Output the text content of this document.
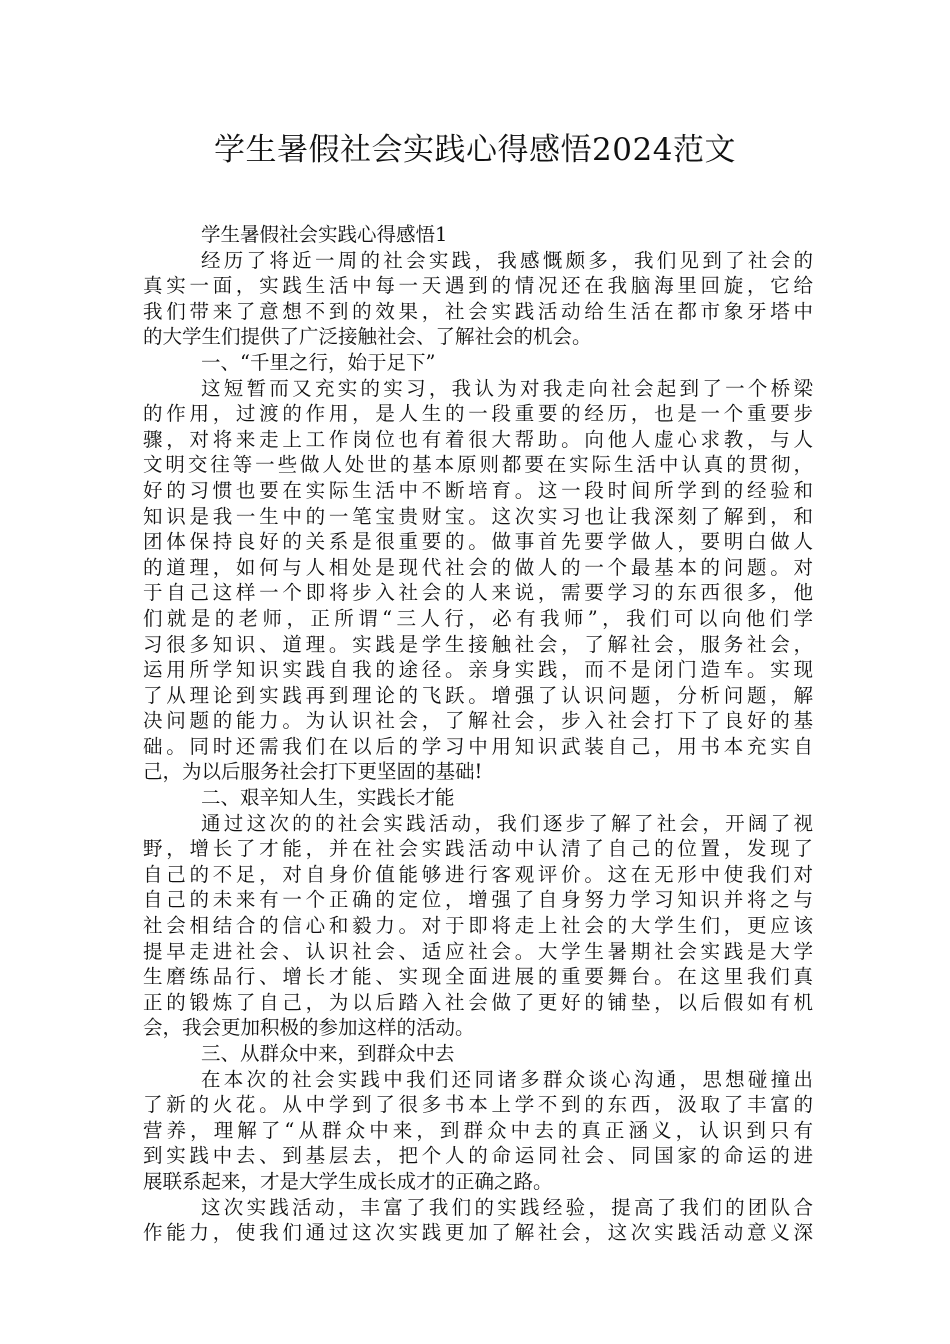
学生暑假社会实践心得感悟2024范文
学生暑假社会实践心得感悟1
经历了将近一周的社会实践，我感慨颇多，我们见到了社会的
真实一面，实践生活中每一天遇到的情况还在我脑海里回旋，它给
我们带来了意想不到的效果，社会实践活动给生活在都市象牙塔中
的大学生们提供了广泛接触社会、了解社会的机会。
一、“千里之行，始于足下”
这短暂而又充实的实习，我认为对我走向社会起到了一个桥梁
的作用，过渡的作用，是人生的一段重要的经历，也是一个重要步
骤，对将来走上工作岗位也有着很大帮助。向他人虚心求教，与人
文明交往等一些做人处世的基本原则都要在实际生活中认真的贯彻，
好的习惯也要在实际生活中不断培育。这一段时间所学到的经验和
知识是我一生中的一笔宝贵财宝。这次实习也让我深刻了解到，和
团体保持良好的关系是很重要的。做事首先要学做人，要明白做人
的道理，如何与人相处是现代社会的做人的一个最基本的问题。对
于自己这样一个即将步入社会的人来说，需要学习的东西很多，他
们就是的老师，正所谓“三人行，必有我师”，我们可以向他们学
习很多知识、道理。实践是学生接触社会，了解社会，服务社会，
运用所学知识实践自我的途径。亲身实践，而不是闭门造车。实现
了从理论到实践再到理论的飞跃。增强了认识问题，分析问题，解
决问题的能力。为认识社会，了解社会，步入社会打下了良好的基
础。同时还需我们在以后的学习中用知识武装自己，用书本充实自
己，为以后服务社会打下更坚固的基础!
二、艰辛知人生，实践长才能
通过这次的的社会实践活动，我们逐步了解了社会，开阔了视
野，增长了才能，并在社会实践活动中认清了自己的位置，发现了
自己的不足，对自身价值能够进行客观评价。这在无形中使我们对
自己的未来有一个正确的定位，增强了自身努力学习知识并将之与
社会相结合的信心和毅力。对于即将走上社会的大学生们，更应该
提早走进社会、认识社会、适应社会。大学生暑期社会实践是大学
生磨练品行、增长才能、实现全面进展的重要舞台。在这里我们真
正的锻炼了自己，为以后踏入社会做了更好的铺垫，以后假如有机
会，我会更加积极的参加这样的活动。
三、从群众中来，到群众中去
在本次的社会实践中我们还同诸多群众谈心沟通，思想碰撞出
了新的火花。从中学到了很多书本上学不到的东西，汲取了丰富的
营养，理解了“从群众中来，到群众中去的真正涵义，认识到只有
到实践中去、到基层去，把个人的命运同社会、同国家的命运的进
展联系起来，才是大学生成长成才的正确之路。
这次实践活动，丰富了我们的实践经验，提高了我们的团队合
作能力，使我们通过这次实践更加了解社会，这次实践活动意义深
